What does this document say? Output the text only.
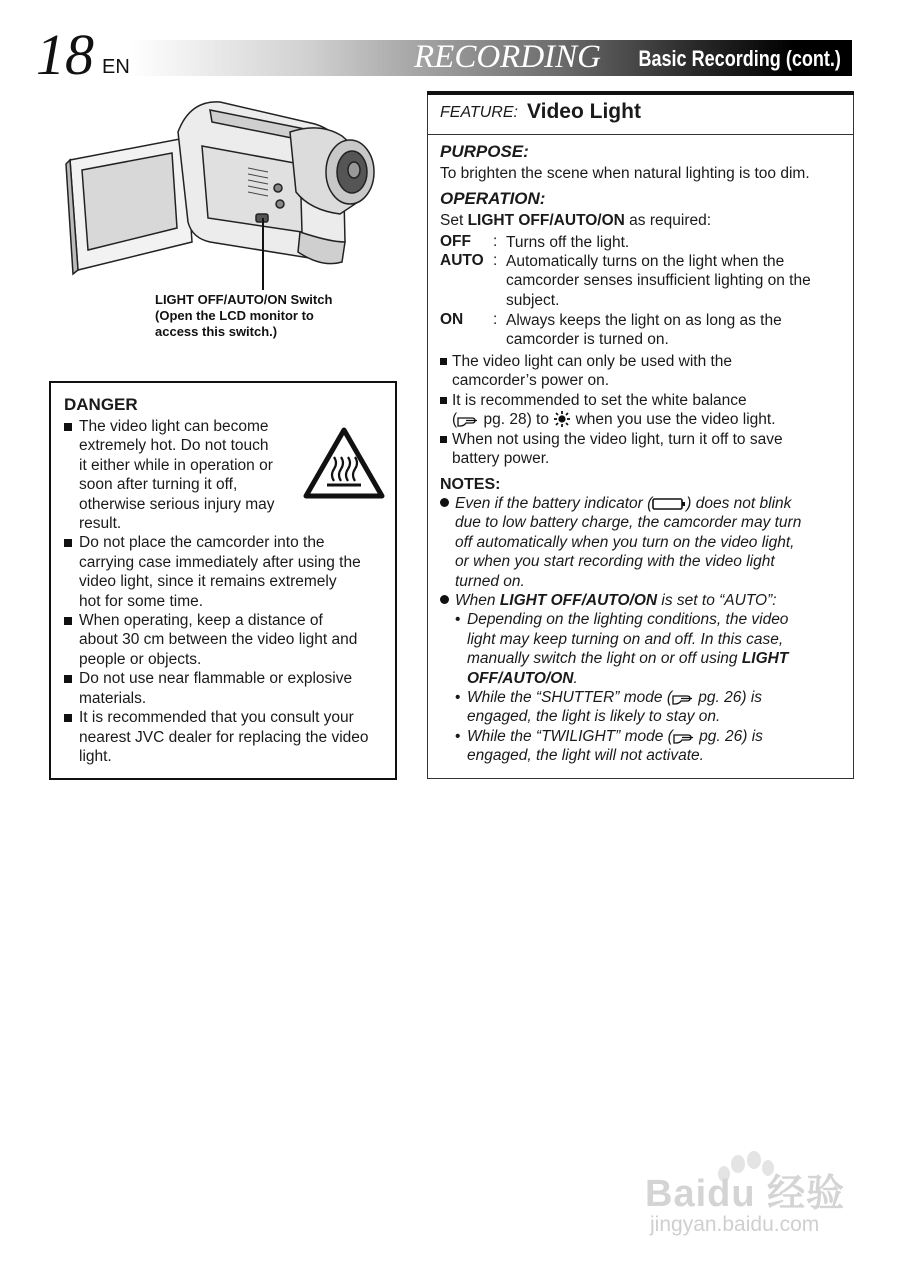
18 EN	RECORDING Basic Recording (cont.)
LIGHT OFF/AUTO/ON Switch
(Open the LCD monitor to
access this switch.)
DANGER
The video light can become
extremely hot. Do not touch
it either while in operation or
soon after turning it off,
otherwise serious injury may
result.
Do not place the camcorder into the
carrying case immediately after using the
video light, since it remains extremely
hot for some time.
When operating, keep a distance of
about 30 cm between the video light and
people or objects.
Do not use near flammable or explosive
materials.
It is recommended that you consult your
nearest JVC dealer for replacing the video
light.
FEATURE: Video Light
PURPOSE:
To brighten the scene when natural lighting is too dim.
OPERATION:
Set LIGHT OFF/AUTO/ON as required:
OFF : Turns off the light.
AUTO : Automatically turns on the light when the
camcorder senses insufficient lighting on the
subject.
ON : Always keeps the light on as long as the
camcorder is turned on.
The video light can only be used with the
camcorder’s power on.
It is recommended to set the white balance
( pg. 28) to when you use the video light.
When not using the video light, turn it off to save
battery power.
NOTES:
Even if the battery indicator ( ) does not blink
due to low battery charge, the camcorder may turn
off automatically when you turn on the video light,
or when you start recording with the video light
turned on.
When LIGHT OFF/AUTO/ON is set to “AUTO”:
• Depending on the lighting conditions, the video
light may keep turning on and off. In this case,
manually switch the light on or off using LIGHT
OFF/AUTO/ON.
• While the “SHUTTER” mode ( pg. 26) is
engaged, the light is likely to stay on.
• While the “TWILIGHT” mode ( pg. 26) is
engaged, the light will not activate.
Baidu 经验
jingyan.baidu.com
